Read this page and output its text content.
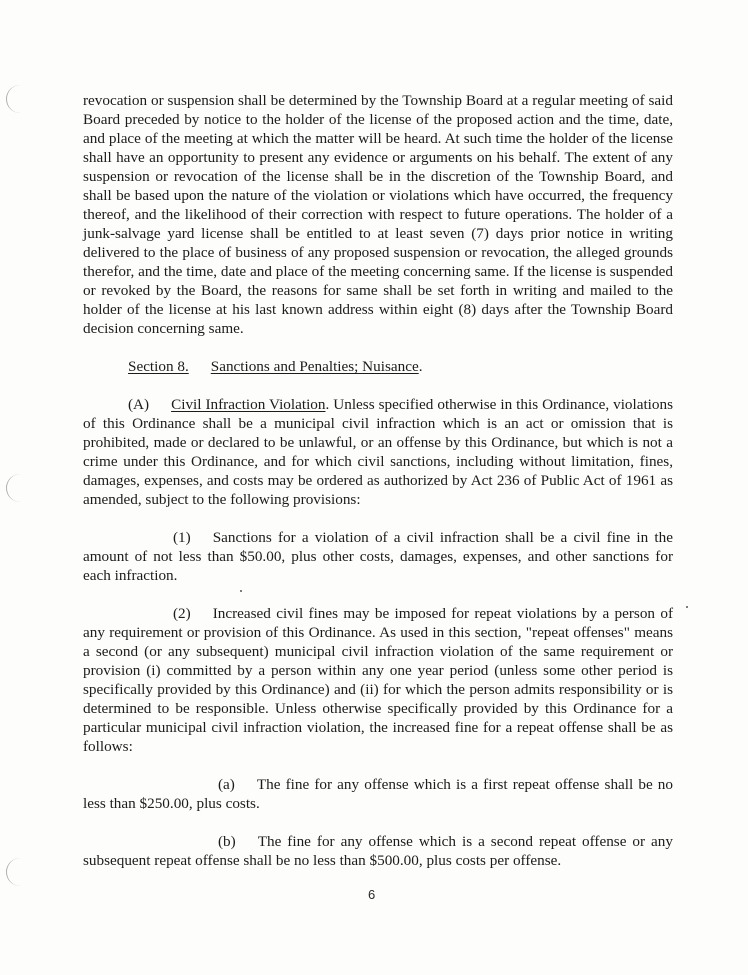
revocation or suspension shall be determined by the Township Board at a regular meeting of said Board preceded by notice to the holder of the license of the proposed action and the time, date, and place of the meeting at which the matter will be heard. At such time the holder of the license shall have an opportunity to present any evidence or arguments on his behalf. The extent of any suspension or revocation of the license shall be in the discretion of the Township Board, and shall be based upon the nature of the violation or violations which have occurred, the frequency thereof, and the likelihood of their correction with respect to future operations. The holder of a junk-salvage yard license shall be entitled to at least seven (7) days prior notice in writing delivered to the place of business of any proposed suspension or revocation, the alleged grounds therefor, and the time, date and place of the meeting concerning same. If the license is suspended or revoked by the Board, the reasons for same shall be set forth in writing and mailed to the holder of the license at his last known address within eight (8) days after the Township Board decision concerning same.

Section 8. Sanctions and Penalties; Nuisance.

(A) Civil Infraction Violation. Unless specified otherwise in this Ordinance, violations of this Ordinance shall be a municipal civil infraction which is an act or omission that is prohibited, made or declared to be unlawful, or an offense by this Ordinance, but which is not a crime under this Ordinance, and for which civil sanctions, including without limitation, fines, damages, expenses, and costs may be ordered as authorized by Act 236 of Public Act of 1961 as amended, subject to the following provisions:

(1) Sanctions for a violation of a civil infraction shall be a civil fine in the amount of not less than $50.00, plus other costs, damages, expenses, and other sanctions for each infraction.

(2) Increased civil fines may be imposed for repeat violations by a person of any requirement or provision of this Ordinance. As used in this section, "repeat offenses" means a second (or any subsequent) municipal civil infraction violation of the same requirement or provision (i) committed by a person within any one year period (unless some other period is specifically provided by this Ordinance) and (ii) for which the person admits responsibility or is determined to be responsible. Unless otherwise specifically provided by this Ordinance for a particular municipal civil infraction violation, the increased fine for a repeat offense shall be as follows:

(a) The fine for any offense which is a first repeat offense shall be no less than $250.00, plus costs.

(b) The fine for any offense which is a second repeat offense or any subsequent repeat offense shall be no less than $500.00, plus costs per offense.

6
